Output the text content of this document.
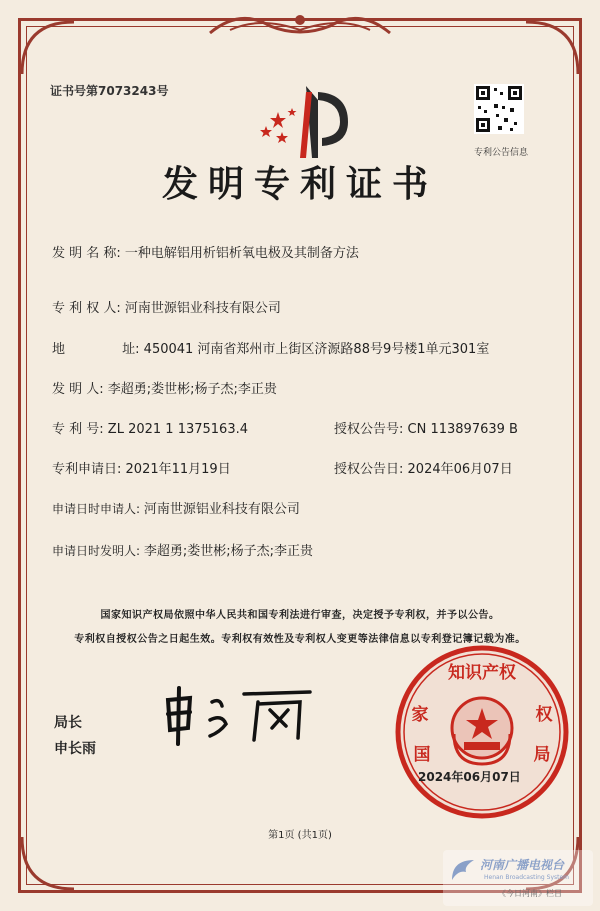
证书号第7073243号
专利公告信息
发明专利证书
发 明 名 称: 一种电解铝用析铝析氧电极及其制备方法
专 利 权 人: 河南世源铝业科技有限公司
地	址: 450041 河南省郑州市上街区济源路88号9号楼1单元301室
发 明 人: 李超勇;娄世彬;杨子杰;李正贵
专 利 号: ZL 2021 1 1375163.4	授权公告号: CN 113897639 B
专利申请日: 2021年11月19日	授权公告日: 2024年06月07日
申请日时申请人: 河南世源铝业科技有限公司
申请日时发明人: 李超勇;娄世彬;杨子杰;李正贵
国家知识产权局依照中华人民共和国专利法进行审查，决定授予专利权，并予以公告。
专利权自授权公告之日起生效。专利权有效性及专利权人变更等法律信息以专利登记簿记载为准。
局长
申长雨
知识产权
家
国
权
局
2024年06月07日
第1页 (共1页)
河南广播电视台
Henan Broadcasting System
《今日河南》栏目
